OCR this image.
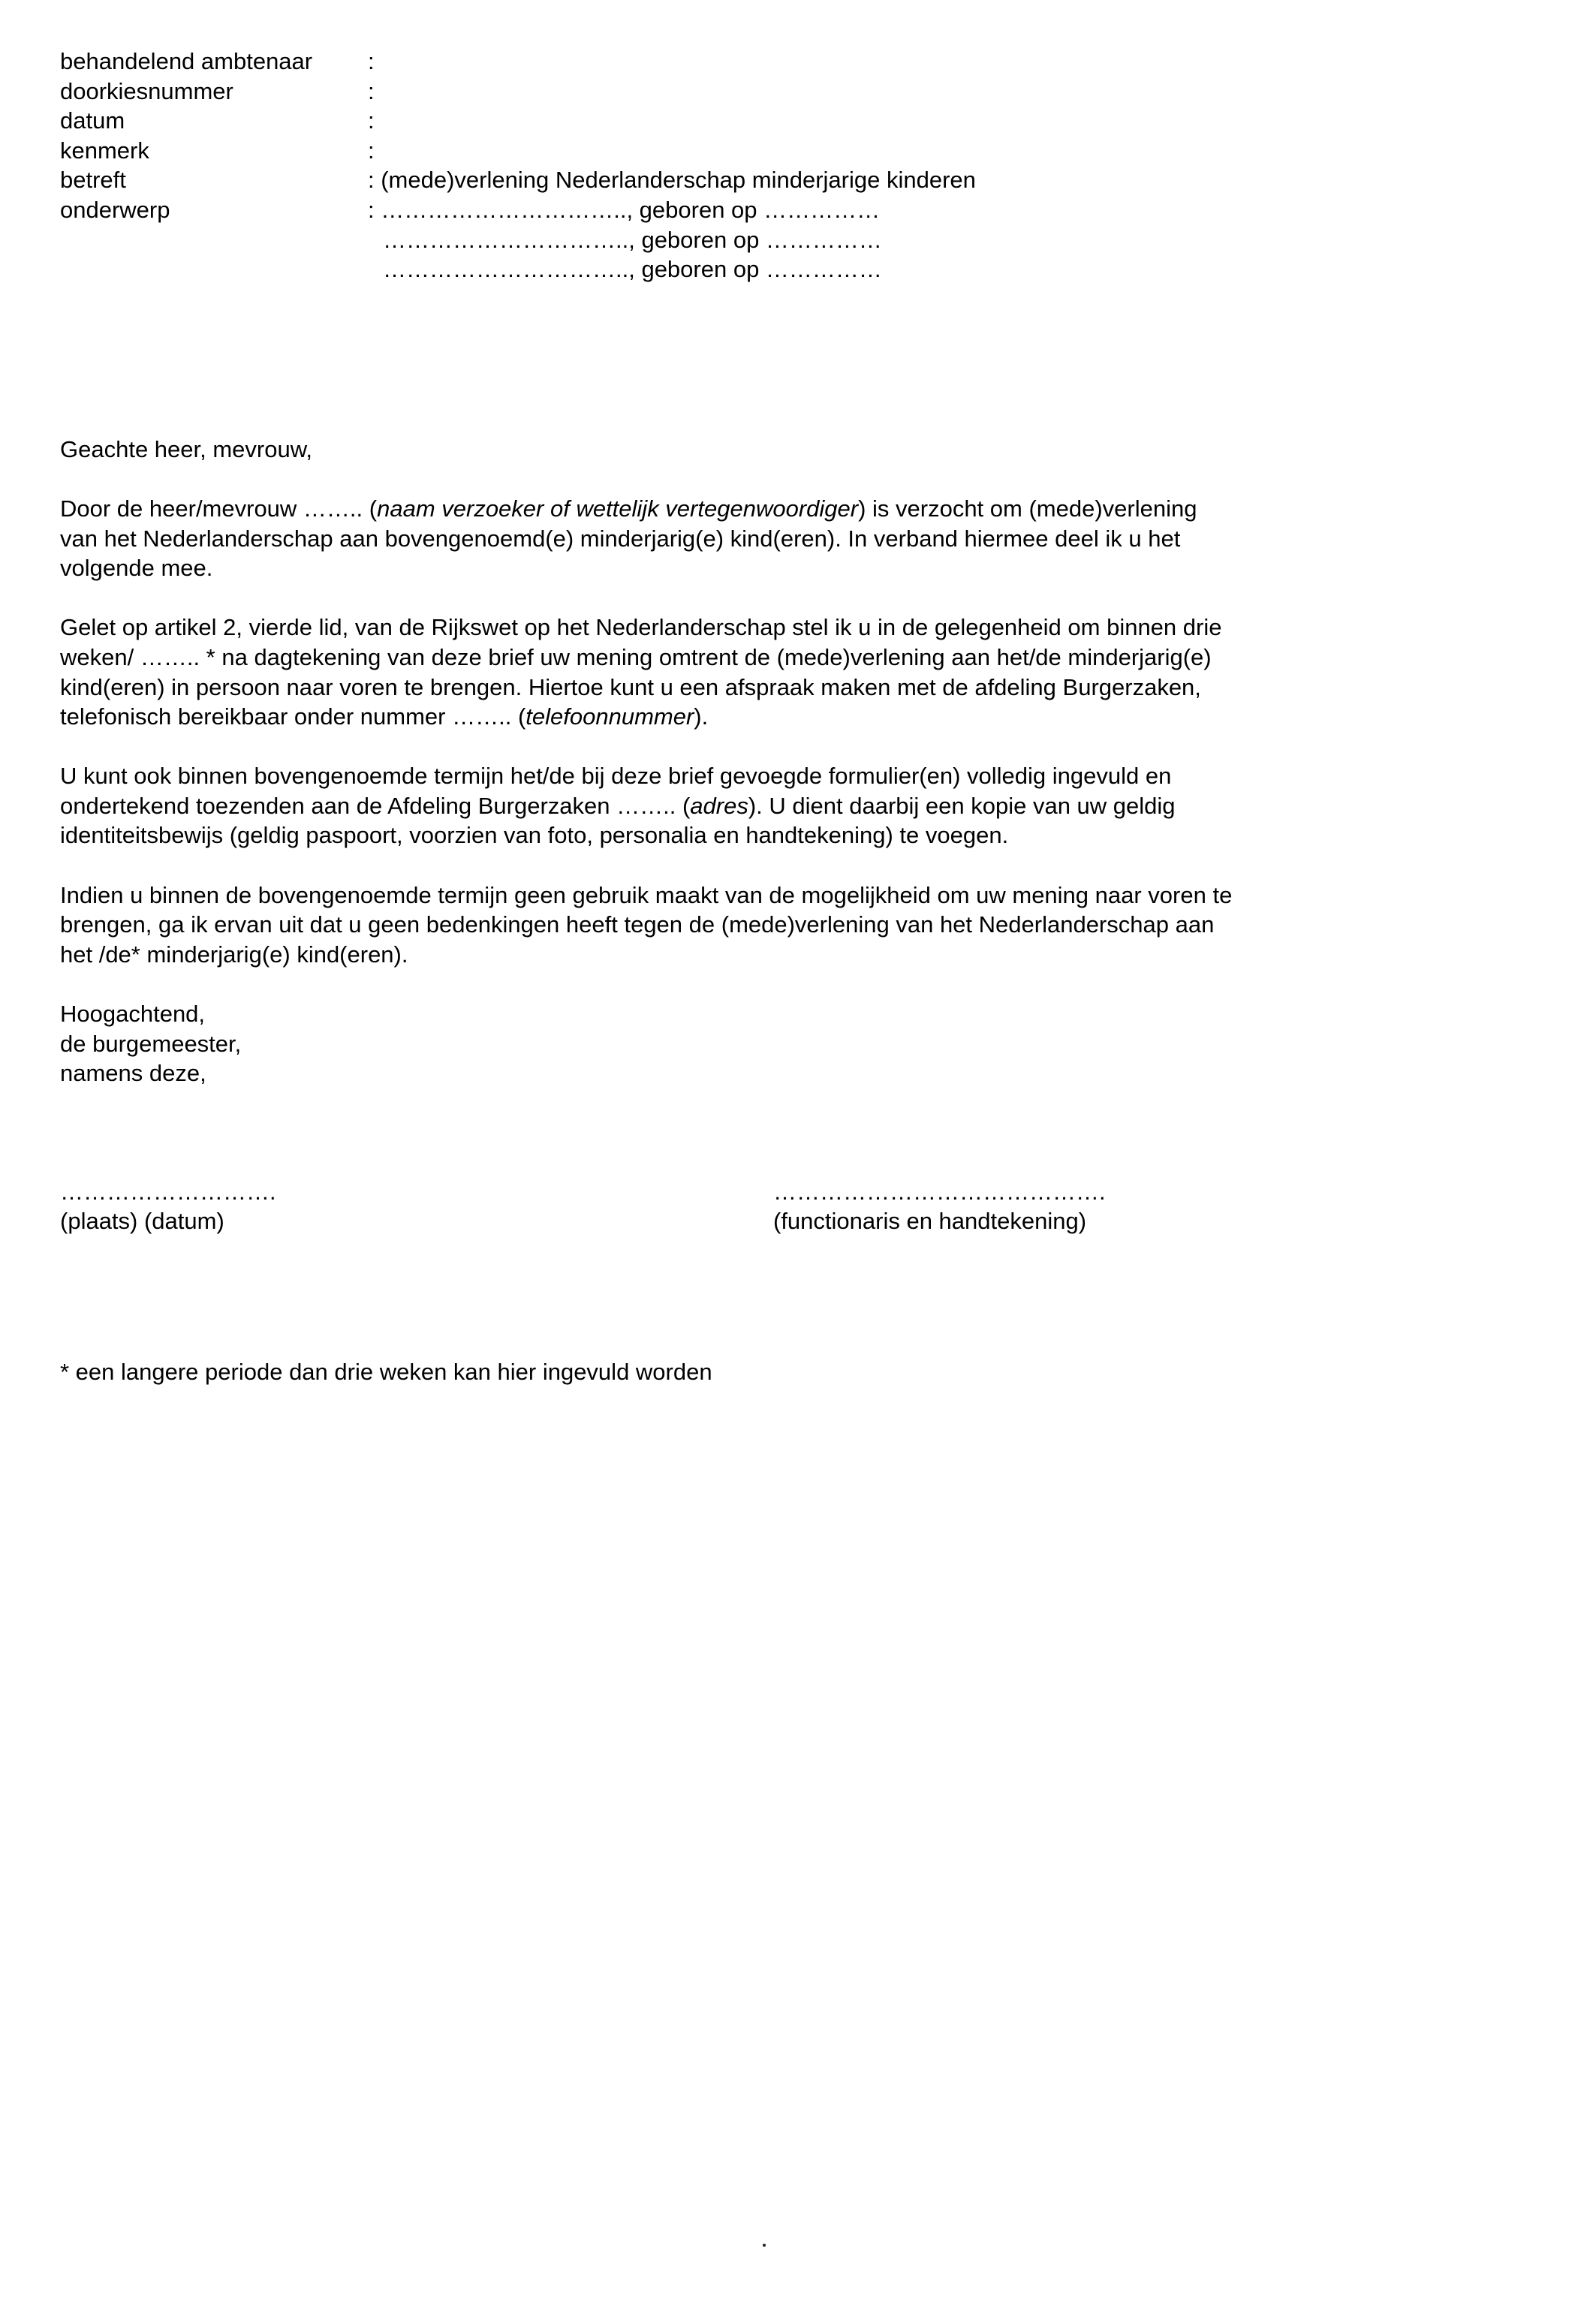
behandelend ambtenaar	:
doorkiesnummer	:
datum	:
kenmerk	:
betreft	: (mede)verlening Nederlanderschap minderjarige kinderen
onderwerp	: ………………………….., geboren op ……………
………………………….., geboren op ……………
………………………….., geboren op ……………

Geachte heer, mevrouw,

Door de heer/mevrouw …….. (naam verzoeker of wettelijk vertegenwoordiger) is verzocht om (mede)verlening
van het Nederlanderschap aan bovengenoemd(e) minderjarig(e) kind(eren). In verband hiermee deel ik u het
volgende mee.

Gelet op artikel 2, vierde lid, van de Rijkswet op het Nederlanderschap stel ik u in de gelegenheid om binnen drie
weken/ …….. * na dagtekening van deze brief uw mening omtrent de (mede)verlening aan het/de minderjarig(e)
kind(eren) in persoon naar voren te brengen. Hiertoe kunt u een afspraak maken met de afdeling Burgerzaken,
telefonisch bereikbaar onder nummer …….. (telefoonnummer).

U kunt ook binnen bovengenoemde termijn het/de bij deze brief gevoegde formulier(en) volledig ingevuld en
ondertekend toezenden aan de Afdeling Burgerzaken …….. (adres). U dient daarbij een kopie van uw geldig
identiteitsbewijs (geldig paspoort, voorzien van foto, personalia en handtekening) te voegen.

Indien u binnen de bovengenoemde termijn geen gebruik maakt van de mogelijkheid om uw mening naar voren te
brengen, ga ik ervan uit dat u geen bedenkingen heeft tegen de (mede)verlening van het Nederlanderschap aan
het /de* minderjarig(e) kind(eren).

Hoogachtend,
de burgemeester,
namens deze,
……………………….
(plaats) (datum)
…………………………………….
(functionaris en handtekening)
* een langere periode dan drie weken kan hier ingevuld worden
